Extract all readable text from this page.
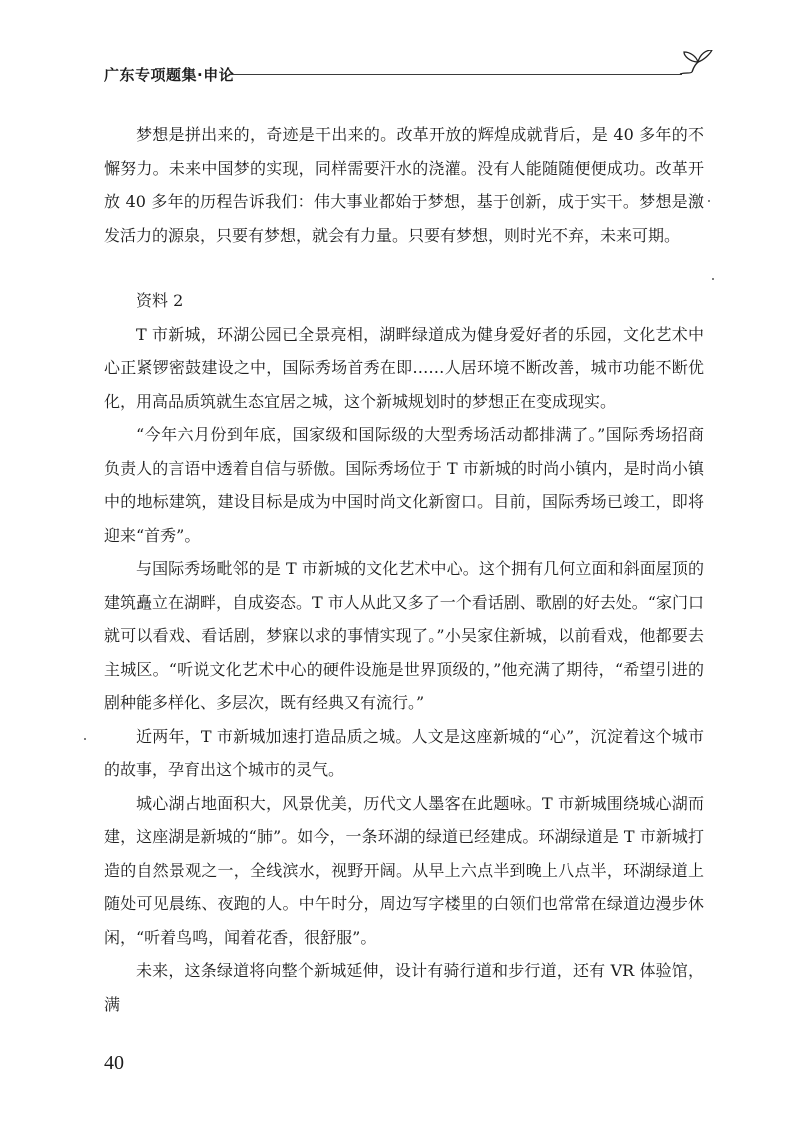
广东专项题集·申论

梦想是拼出来的，奇迹是干出来的。改革开放的辉煌成就背后，是 40 多年的不懈努力。未来中国梦的实现，同样需要汗水的浇灌。没有人能随随便便成功。改革开放 40 多年的历程告诉我们：伟大事业都始于梦想，基于创新，成于实干。梦想是激发活力的源泉，只要有梦想，就会有力量。只要有梦想，则时光不弃，未来可期。

资料 2

T 市新城，环湖公园已全景亮相，湖畔绿道成为健身爱好者的乐园，文化艺术中心正紧锣密鼓建设之中，国际秀场首秀在即……人居环境不断改善，城市功能不断优化，用高品质筑就生态宜居之城，这个新城规划时的梦想正在变成现实。

“今年六月份到年底，国家级和国际级的大型秀场活动都排满了。”国际秀场招商负责人的言语中透着自信与骄傲。国际秀场位于 T 市新城的时尚小镇内，是时尚小镇中的地标建筑，建设目标是成为中国时尚文化新窗口。目前，国际秀场已竣工，即将迎来“首秀”。

与国际秀场毗邻的是 T 市新城的文化艺术中心。这个拥有几何立面和斜面屋顶的建筑矗立在湖畔，自成姿态。T 市人从此又多了一个看话剧、歌剧的好去处。“家门口就可以看戏、看话剧，梦寐以求的事情实现了。”小吴家住新城，以前看戏，他都要去主城区。“听说文化艺术中心的硬件设施是世界顶级的，”他充满了期待，“希望引进的剧种能多样化、多层次，既有经典又有流行。”

近两年，T 市新城加速打造品质之城。人文是这座新城的“心”，沉淀着这个城市的故事，孕育出这个城市的灵气。

城心湖占地面积大，风景优美，历代文人墨客在此题咏。T 市新城围绕城心湖而建，这座湖是新城的“肺”。如今，一条环湖的绿道已经建成。环湖绿道是 T 市新城打造的自然景观之一，全线滨水，视野开阔。从早上六点半到晚上八点半，环湖绿道上随处可见晨练、夜跑的人。中午时分，周边写字楼里的白领们也常常在绿道边漫步休闲，“听着鸟鸣，闻着花香，很舒服”。

未来，这条绿道将向整个新城延伸，设计有骑行道和步行道，还有 VR 体验馆，满

40
